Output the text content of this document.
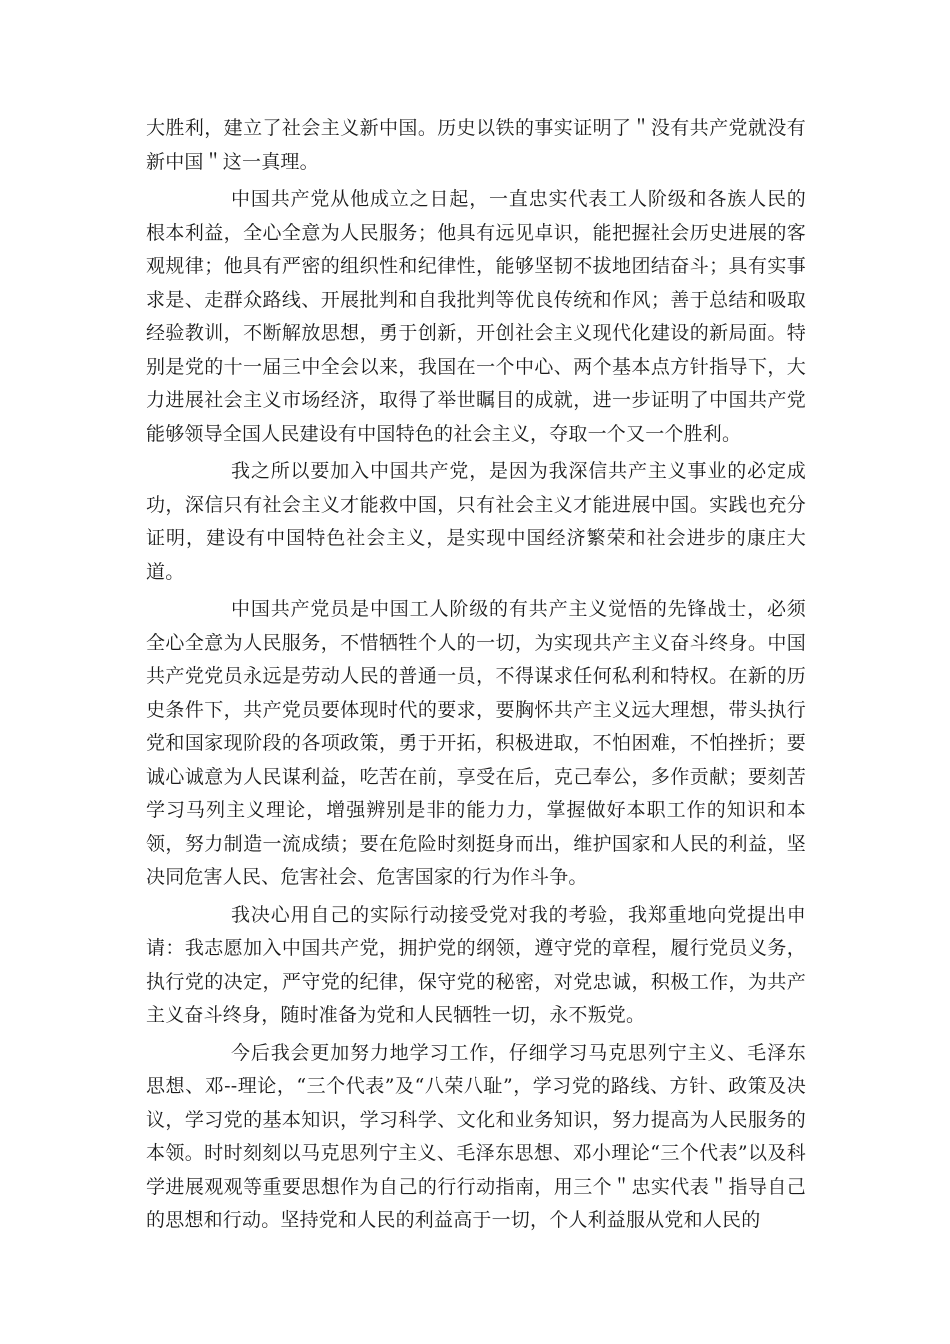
大胜利，建立了社会主义新中国。历史以铁的事实证明了＂没有共产党就没有新中国＂这一真理。

中国共产党从他成立之日起，一直忠实代表工人阶级和各族人民的根本利益，全心全意为人民服务；他具有远见卓识，能把握社会历史进展的客观规律；他具有严密的组织性和纪律性，能够坚韧不拔地团结奋斗；具有实事求是、走群众路线、开展批判和自我批判等优良传统和作风；善于总结和吸取经验教训，不断解放思想，勇于创新，开创社会主义现代化建设的新局面。特别是党的十一届三中全会以来，我国在一个中心、两个基本点方针指导下，大力进展社会主义市场经济，取得了举世瞩目的成就，进一步证明了中国共产党能够领导全国人民建设有中国特色的社会主义，夺取一个又一个胜利。

我之所以要加入中国共产党，是因为我深信共产主义事业的必定成功，深信只有社会主义才能救中国，只有社会主义才能进展中国。实践也充分证明，建设有中国特色社会主义，是实现中国经济繁荣和社会进步的康庄大道。

中国共产党员是中国工人阶级的有共产主义觉悟的先锋战士，必须全心全意为人民服务，不惜牺牲个人的一切，为实现共产主义奋斗终身。中国共产党党员永远是劳动人民的普通一员，不得谋求任何私利和特权。在新的历史条件下，共产党员要体现时代的要求，要胸怀共产主义远大理想，带头执行党和国家现阶段的各项政策，勇于开拓，积极进取，不怕困难，不怕挫折；要诚心诚意为人民谋利益，吃苦在前，享受在后，克己奉公，多作贡献；要刻苦学习马列主义理论，增强辨别是非的能力力，掌握做好本职工作的知识和本领，努力制造一流成绩；要在危险时刻挺身而出，维护国家和人民的利益，坚决同危害人民、危害社会、危害国家的行为作斗争。

我决心用自己的实际行动接受党对我的考验，我郑重地向党提出申请：我志愿加入中国共产党，拥护党的纲领，遵守党的章程，履行党员义务，执行党的决定，严守党的纪律，保守党的秘密，对党忠诚，积极工作，为共产主义奋斗终身，随时准备为党和人民牺牲一切，永不叛党。

今后我会更加努力地学习工作，仔细学习马克思列宁主义、毛泽东思想、邓--理论，“三个代表”及“八荣八耻”，学习党的路线、方针、政策及决议，学习党的基本知识，学习科学、文化和业务知识，努力提高为人民服务的本领。时时刻刻以马克思列宁主义、毛泽东思想、邓小理论“三个代表”以及科学进展观观等重要思想作为自己的行行动指南，用三个＂忠实代表＂指导自己的思想和行动。坚持党和人民的利益高于一切，个人利益服从党和人民的
